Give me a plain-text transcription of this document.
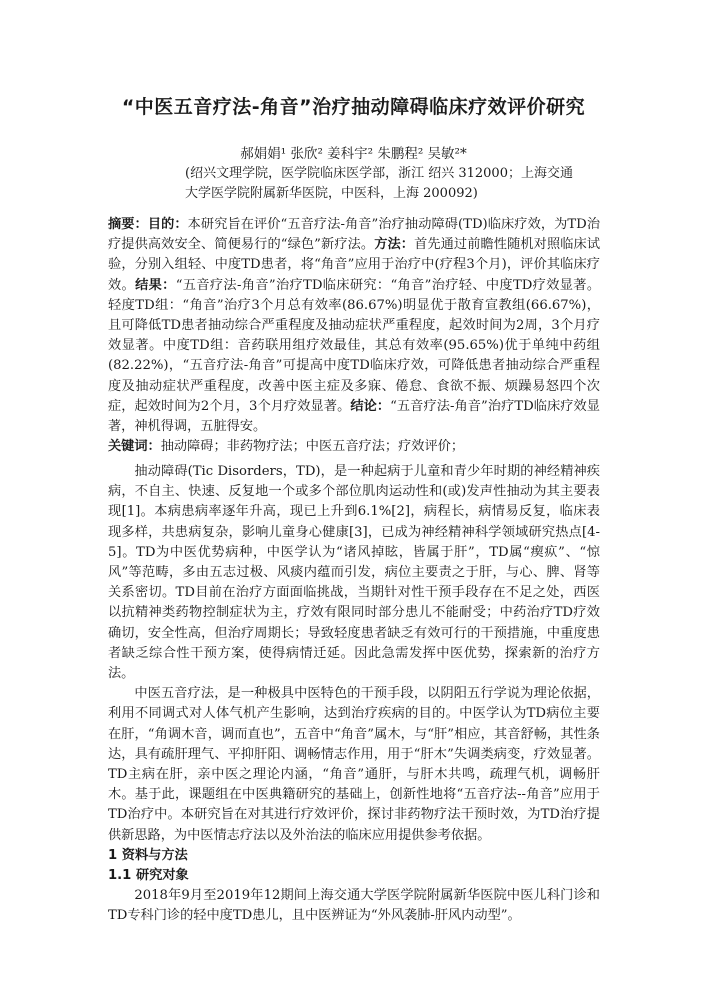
“中医五音疗法-角音”治疗抽动障碍临床疗效评价研究
郝娟娟¹ 张欣² 姜科宇² 朱鹏程² 吴敏²*
(绍兴文理学院，医学院临床医学部，浙江 绍兴 312000；上海交通大学医学院附属新华医院，中医科，上海 200092)
摘要：目的：本研究旨在评价“五音疗法-角音”治疗抽动障碍(TD)临床疗效，为TD治疗提供高效安全、简便易行的“绿色”新疗法。方法：首先通过前瞻性随机对照临床试验，分别入组轻、中度TD患者，将“角音”应用于治疗中(疗程3个月)，评价其临床疗效。结果：“五音疗法-角音”治疗TD临床研究：“角音”治疗轻、中度TD疗效显著。轻度TD组：“角音”治疗3个月总有效率(86.67%)明显优于散育宣教组(66.67%)，且可降低TD患者抽动综合严重程度及抽动症状严重程度，起效时间为2周，3个月疗效显著。中度TD组：音药联用组疗效最佳，其总有效率(95.65%)优于单纯中药组(82.22%)，“五音疗法-角音”可提高中度TD临床疗效，可降低患者抽动综合严重程度及抽动症状严重程度，改善中医主症及多寐、倦怠、食欲不振、烦躁易怒四个次症，起效时间为2个月，3个月疗效显著。结论：“五音疗法-角音”治疗TD临床疗效显著，神机得调，五脏得安。

关键词：抽动障碍；非药物疗法；中医五音疗法；疗效评价；

抽动障碍(Tic Disorders，TD)，是一种起病于儿童和青少年时期的神经精神疾病，不自主、快速、反复地一个或多个部位肌肉运动性和(或)发声性抽动为其主要表现[1]。本病患病率逐年升高，现已上升到6.1%[2]，病程长，病情易反复，临床表现多样，共患病复杂，影响儿童身心健康[3]，已成为神经精神科学领域研究热点[4-5]。TD为中医优势病种，中医学认为“诸风掉眩，皆属于肝”，TD属“瘈疭”、“惊风”等范畴，多由五志过极、风痰内蕴而引发，病位主要责之于肝，与心、脾、肾等关系密切。TD目前在治疗方面面临挑战，当期针对性干预手段存在不足之处，西医以抗精神类药物控制症状为主，疗效有限同时部分患儿不能耐受；中药治疗TD疗效确切，安全性高，但治疗周期长；导致轻度患者缺乏有效可行的干预措施，中重度患者缺乏综合性干预方案，使得病情迁延。因此急需发挥中医优势，探索新的治疗方法。

中医五音疗法，是一种极具中医特色的干预手段，以阴阳五行学说为理论依据，利用不同调式对人体气机产生影响，达到治疗疾病的目的。中医学认为TD病位主要在肝，“角调木音，调而直也”，五音中“角音”属木，与“肝”相应，其音舒畅，其性条达，具有疏肝理气、平抑肝阳、调畅情志作用，用于“肝木”失调类病变，疗效显著。TD主病在肝，亲中医之理论内涵，“角音”通肝，与肝木共鸣，疏理气机，调畅肝木。基于此，课题组在中医典籍研究的基础上，创新性地将“五音疗法--角音”应用于TD治疗中。本研究旨在对其进行疗效评价，探讨非药物疗法干预时效，为TD治疗提供新思路，为中医情志疗法以及外治法的临床应用提供参考依据。

1 资料与方法
1.1 研究对象

2018年9月至2019年12期间上海交通大学医学院附属新华医院中医儿科门诊和TD专科门诊的轻中度TD患儿，且中医辨证为“外风袭肺-肝风内动型”。
